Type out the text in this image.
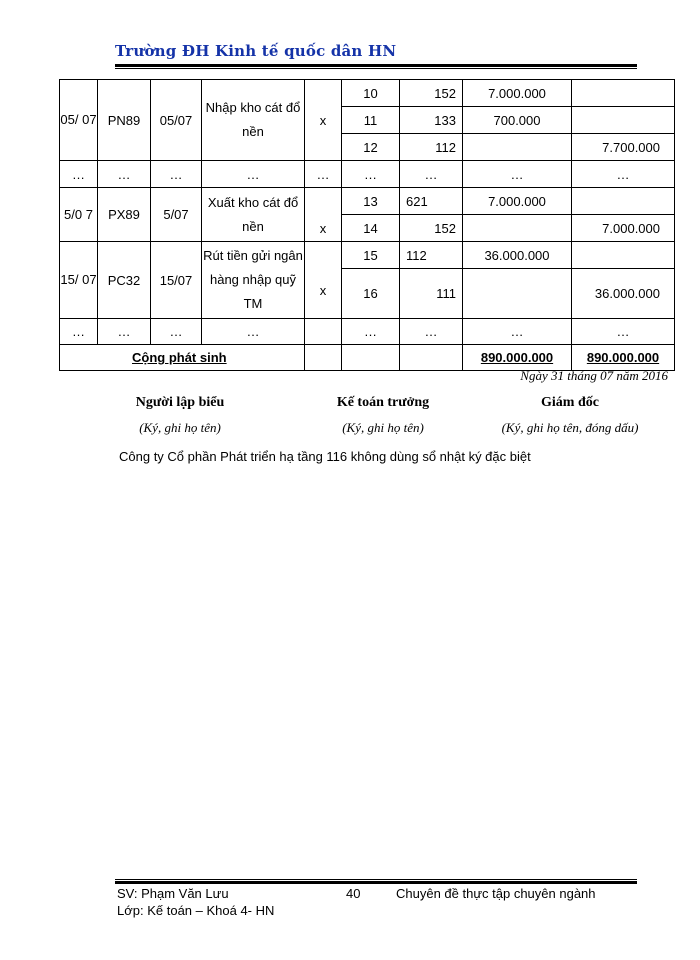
Trường ĐH Kinh tế quốc dân HN
05/ 07	PN89	05/07	Nhập kho cát đổ nền	x	10	152	7.000.000	
					11	133	700.000	
					12	112		7.700.000
…	…	…	…	…	…	…	…	…
5/0 7	PX89	5/07	Xuất kho cát đổ nền	x	13	621	7.000.000	
					14	152		7.000.000
15/ 07	PC32	15/07	Rút tiền gửi ngân hàng nhập quỹ TM	x	15	112	36.000.000	
					16	111		36.000.000
…	…	…	…		…	…	…	…
Cộng phát sinh							890.000.000	890.000.000
Ngày 31 tháng 07 năm 2016
Người lập biểu	Kế toán trưởng	Giám đốc
(Ký, ghi họ tên)	(Ký, ghi họ tên)	(Ký, ghi họ tên, đóng dấu)
Công ty Cổ phần Phát triển hạ tầng 116 không dùng sổ nhật ký đặc biệt
SV: Phạm Văn Lưu	40	Chuyên đề thực tập chuyên ngành
Lớp: Kế toán – Khoá 4- HN
